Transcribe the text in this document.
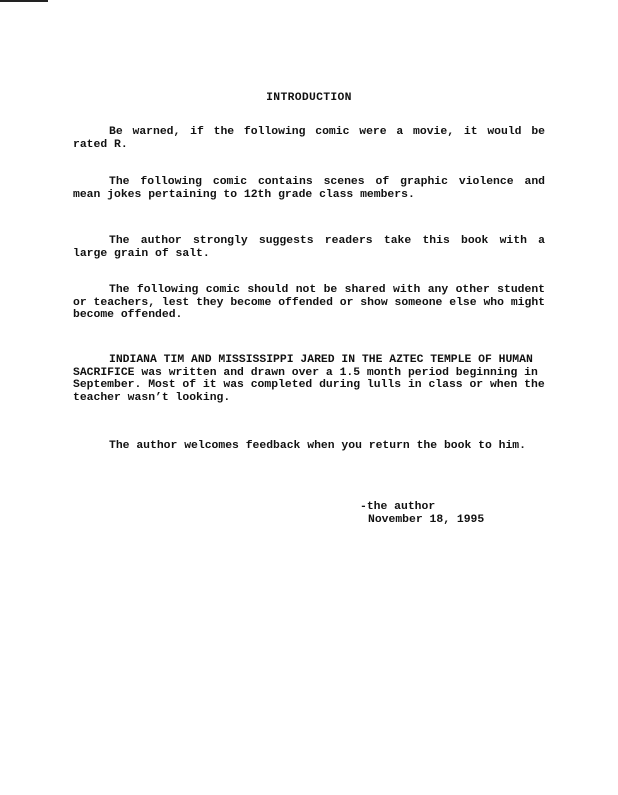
INTRODUCTION
Be warned, if the following comic were a movie, it would be rated R.
The following comic contains scenes of graphic violence and mean jokes pertaining to 12th grade class members.
The author strongly suggests readers take this book with a large grain of salt.
The following comic should not be shared with any other student or teachers, lest they become offended or show someone else who might become offended.
INDIANA TIM AND MISSISSIPPI JARED IN THE AZTEC TEMPLE OF HUMAN SACRIFICE was written and drawn over a 1.5 month period beginning in September. Most of it was completed during lulls in class or when the teacher wasn’t looking.
The author welcomes feedback when you return the book to him.
-the author
November 18, 1995
